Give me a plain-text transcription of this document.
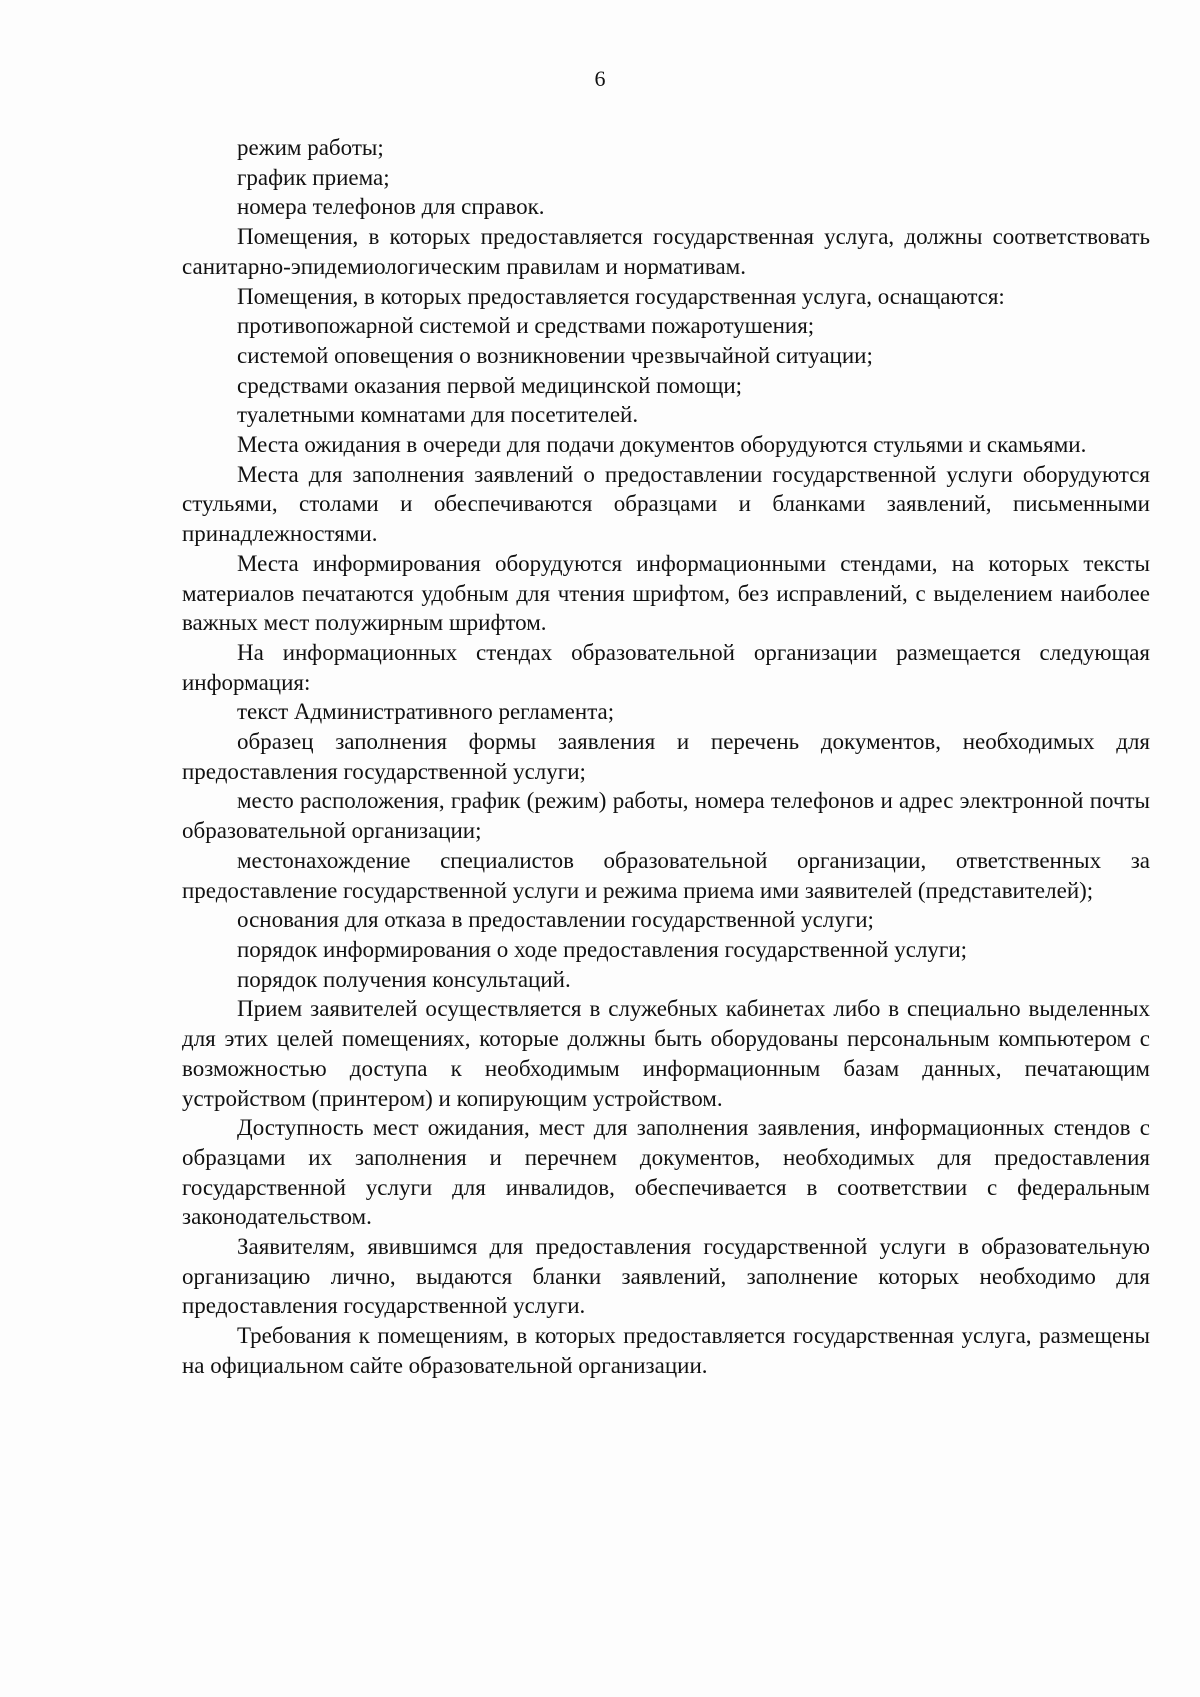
6

режим работы;

график приема;

номера телефонов для справок.

Помещения, в которых предоставляется государственная услуга, должны соответствовать санитарно-эпидемиологическим правилам и нормативам.

Помещения, в которых предоставляется государственная услуга, оснащаются:

противопожарной системой и средствами пожаротушения;

системой оповещения о возникновении чрезвычайной ситуации;

средствами оказания первой медицинской помощи;

туалетными комнатами для посетителей.

Места ожидания в очереди для подачи документов оборудуются стульями и скамьями.

Места для заполнения заявлений о предоставлении государственной услуги оборудуются стульями, столами и обеспечиваются образцами и бланками заявлений, письменными принадлежностями.

Места информирования оборудуются информационными стендами, на которых тексты материалов печатаются удобным для чтения шрифтом, без исправлений, с выделением наиболее важных мест полужирным шрифтом.

На информационных стендах образовательной организации размещается следующая информация:

текст Административного регламента;

образец заполнения формы заявления и перечень документов, необходимых для предоставления государственной услуги;

место расположения, график (режим) работы, номера телефонов и адрес электронной почты образовательной организации;

местонахождение специалистов образовательной организации, ответственных за предоставление государственной услуги и режима приема ими заявителей (представителей);

основания для отказа в предоставлении государственной услуги;

порядок информирования о ходе предоставления государственной услуги;

порядок получения консультаций.

Прием заявителей осуществляется в служебных кабинетах либо в специально выделенных для этих целей помещениях, которые должны быть оборудованы персональным компьютером с возможностью доступа к необходимым информационным базам данных, печатающим устройством (принтером) и копирующим устройством.

Доступность мест ожидания, мест для заполнения заявления, информационных стендов с образцами их заполнения и перечнем документов, необходимых для предоставления государственной услуги для инвалидов, обеспечивается в соответствии с федеральным законодательством.

Заявителям, явившимся для предоставления государственной услуги в образовательную организацию лично, выдаются бланки заявлений, заполнение которых необходимо для предоставления государственной услуги.

Требования к помещениям, в которых предоставляется государственная услуга, размещены на официальном сайте образовательной организации.
